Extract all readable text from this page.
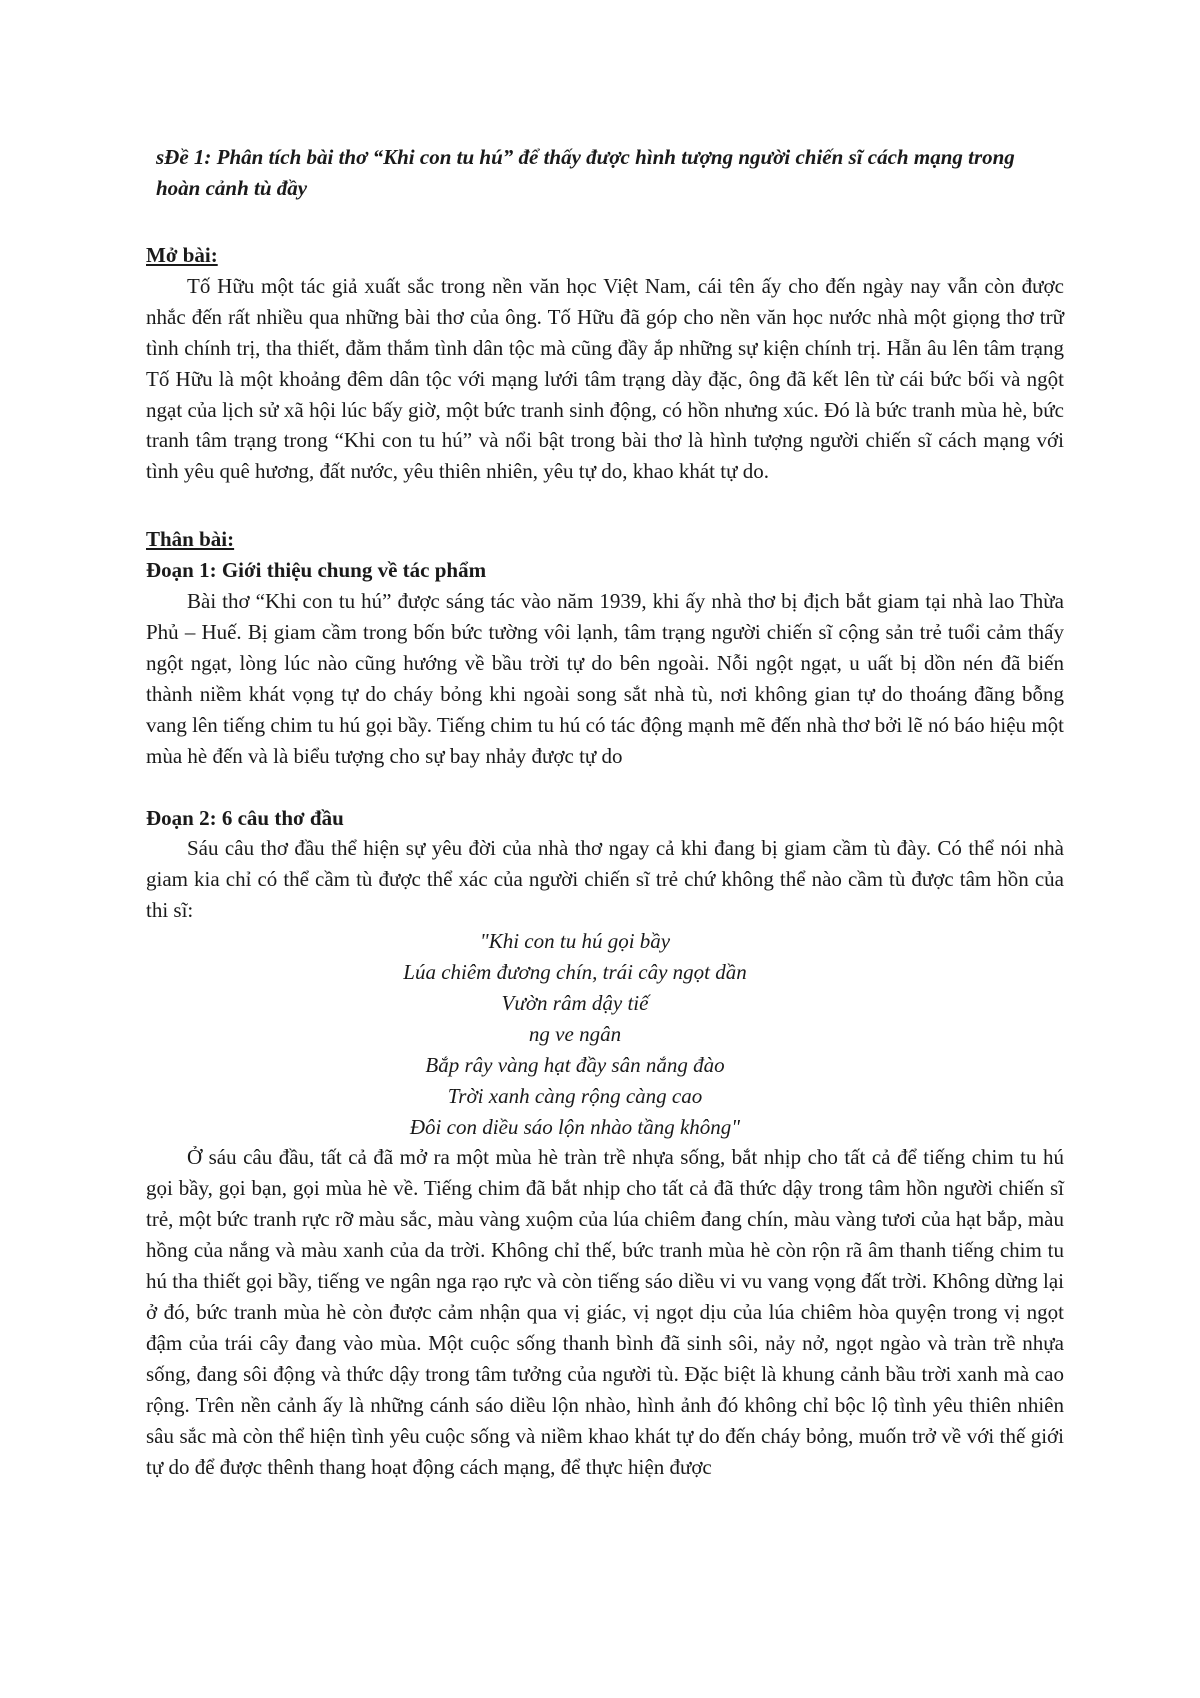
sĐề 1: Phân tích bài thơ “Khi con tu hú” để thấy được hình tượng người chiến sĩ cách mạng trong hoàn cảnh tù đầy

Mở bài:

Tố Hữu một tác giả xuất sắc trong nền văn học Việt Nam, cái tên ấy cho đến ngày nay vẫn còn được nhắc đến rất nhiều qua những bài thơ của ông. Tố Hữu đã góp cho nền văn học nước nhà một giọng thơ trữ tình chính trị, tha thiết, đằm thắm tình dân tộc mà cũng đầy ắp những sự kiện chính trị. Hẵn âu lên tâm trạng Tố Hữu là một khoảng đêm dân tộc với mạng lưới tâm trạng dày đặc, ông đã kết lên từ cái bức bối và ngột ngạt của lịch sử xã hội lúc bấy giờ, một bức tranh sinh động, có hồn nhưng xúc. Đó là bức tranh mùa hè, bức tranh tâm trạng trong “Khi con tu hú” và nổi bật trong bài thơ là hình tượng người chiến sĩ cách mạng với tình yêu quê hương, đất nước, yêu thiên nhiên, yêu tự do, khao khát tự do.

Thân bài:

Đoạn 1: Giới thiệu chung về tác phẩm

Bài thơ “Khi con tu hú” được sáng tác vào năm 1939, khi ấy nhà thơ bị địch bắt giam tại nhà lao Thừa Phủ – Huế. Bị giam cầm trong bốn bức tường vôi lạnh, tâm trạng người chiến sĩ cộng sản trẻ tuổi cảm thấy ngột ngạt, lòng lúc nào cũng hướng về bầu trời tự do bên ngoài. Nỗi ngột ngạt, u uất bị dồn nén đã biến thành niềm khát vọng tự do cháy bỏng khi ngoài song sắt nhà tù, nơi không gian tự do thoáng đãng bỗng vang lên tiếng chim tu hú gọi bầy. Tiếng chim tu hú có tác động mạnh mẽ đến nhà thơ bởi lẽ nó báo hiệu một mùa hè đến và là biểu tượng cho sự bay nhảy được tự do

Đoạn 2: 6 câu thơ đầu

Sáu câu thơ đầu thể hiện sự yêu đời của nhà thơ ngay cả khi đang bị giam cầm tù đày. Có thể nói nhà giam kia chỉ có thể cầm tù được thể xác của người chiến sĩ trẻ chứ không thể nào cầm tù được tâm hồn của thi sĩ:

"Khi con tu hú gọi bầy
Lúa chiêm đương chín, trái cây ngọt dần
Vườn râm dậy tiế
ng ve ngân
Bắp rây vàng hạt đầy sân nắng đào
Trời xanh càng rộng càng cao
Đôi con diều sáo lộn nhào tầng không"

Ở sáu câu đầu, tất cả đã mở ra một mùa hè tràn trề nhựa sống, bắt nhịp cho tất cả để tiếng chim tu hú gọi bầy, gọi bạn, gọi mùa hè về. Tiếng chim đã bắt nhịp cho tất cả đã thức dậy trong tâm hồn người chiến sĩ trẻ, một bức tranh rực rỡ màu sắc, màu vàng xuộm của lúa chiêm đang chín, màu vàng tươi của hạt bắp, màu hồng của nắng và màu xanh của da trời. Không chỉ thế, bức tranh mùa hè còn rộn rã âm thanh tiếng chim tu hú tha thiết gọi bầy, tiếng ve ngân nga rạo rực và còn tiếng sáo diều vi vu vang vọng đất trời. Không dừng lại ở đó, bức tranh mùa hè còn được cảm nhận qua vị giác, vị ngọt dịu của lúa chiêm hòa quyện trong vị ngọt đậm của trái cây đang vào mùa. Một cuộc sống thanh bình đã sinh sôi, nảy nở, ngọt ngào và tràn trề nhựa sống, đang sôi động và thức dậy trong tâm tưởng của người tù. Đặc biệt là khung cảnh bầu trời xanh mà cao rộng. Trên nền cảnh ấy là những cánh sáo diều lộn nhào, hình ảnh đó không chỉ bộc lộ tình yêu thiên nhiên sâu sắc mà còn thể hiện tình yêu cuộc sống và niềm khao khát tự do đến cháy bỏng, muốn trở về với thế giới tự do để được thênh thang hoạt động cách mạng, để thực hiện được
